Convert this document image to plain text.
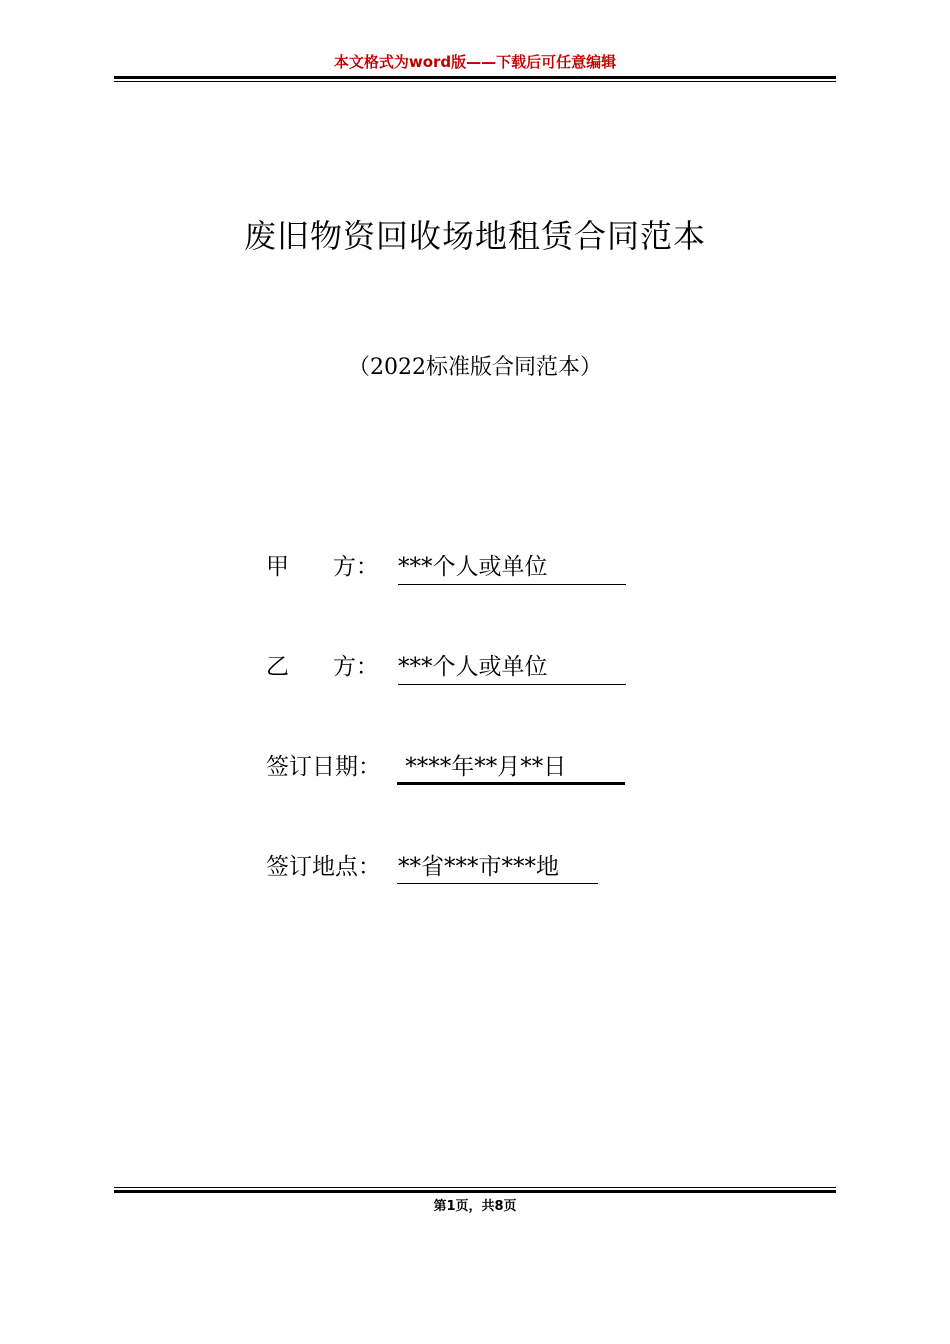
本文格式为word版——下载后可任意编辑
废旧物资回收场地租赁合同范本
（2022标准版合同范本）
甲      方： ***个人或单位
乙      方： ***个人或单位
签订日期： ****年**月**日
签订地点： **省***市***地
第1页，共8页
